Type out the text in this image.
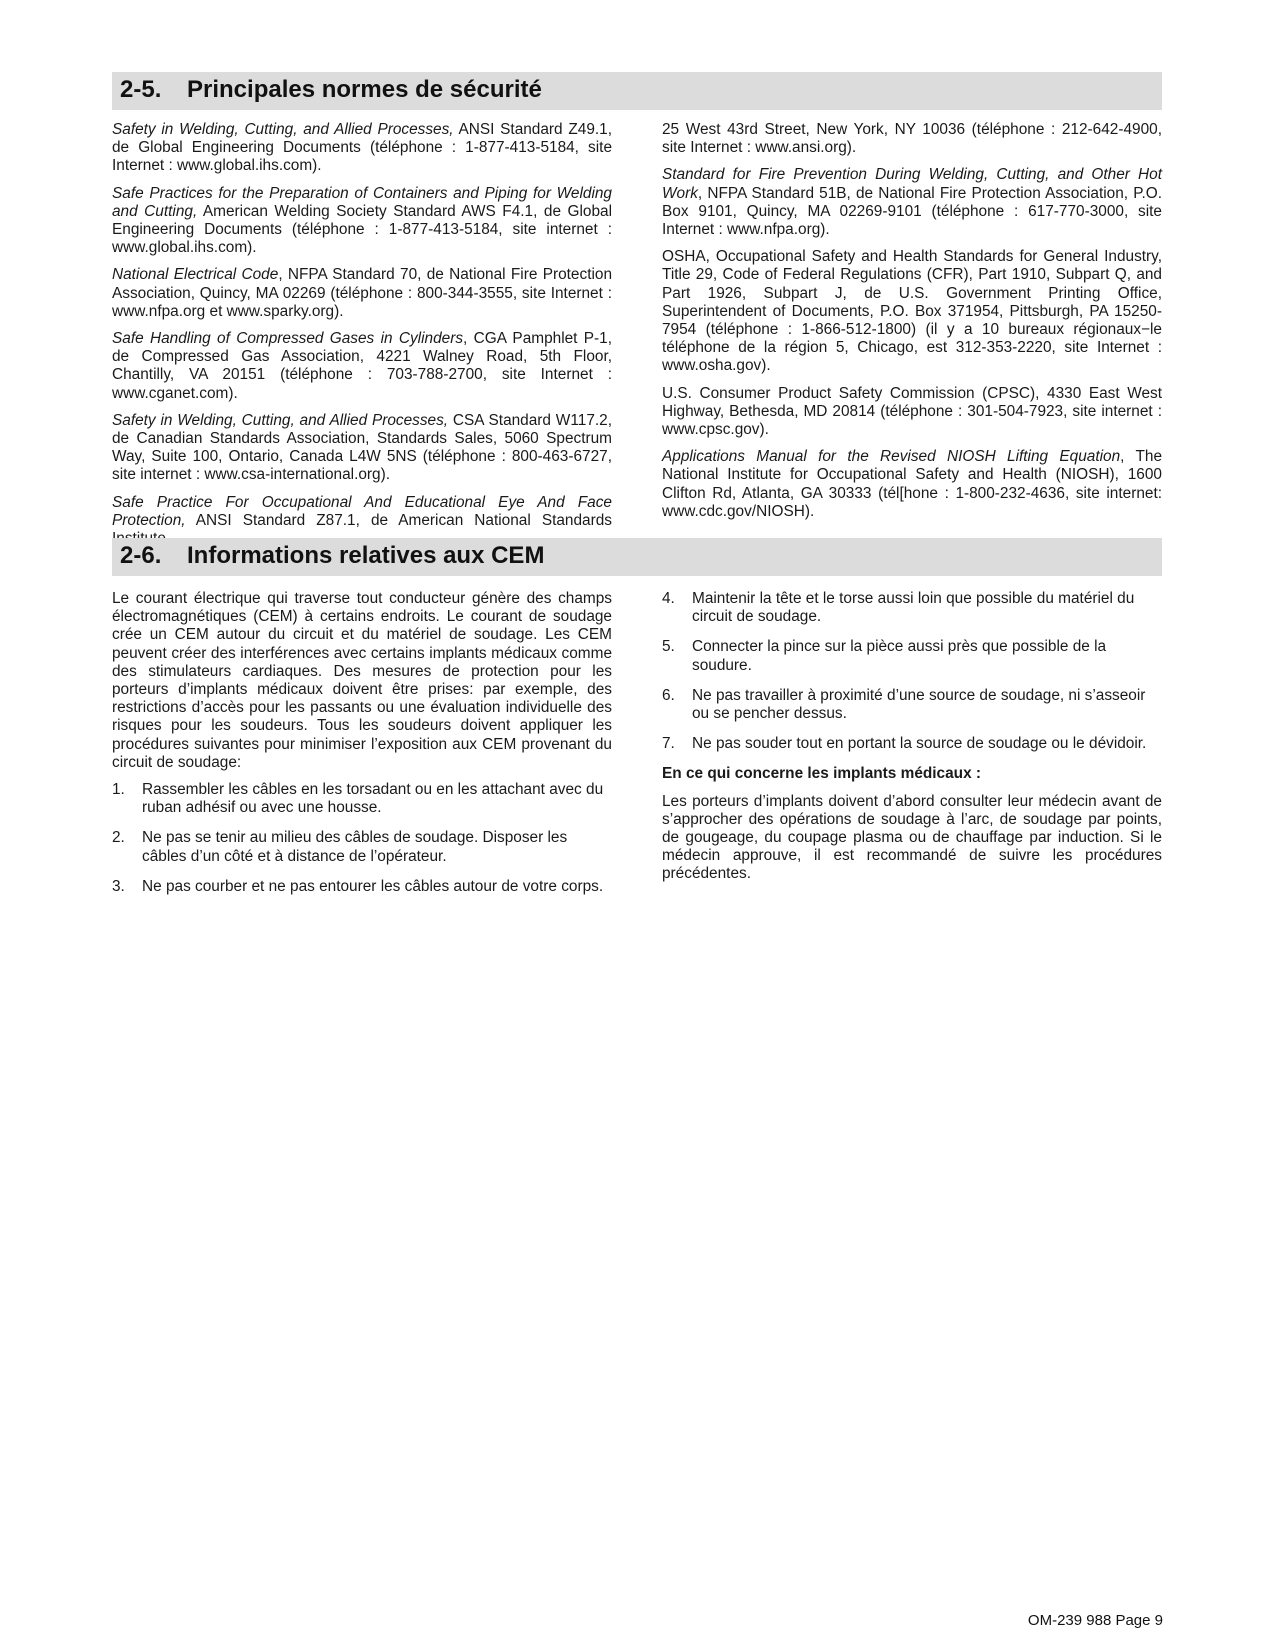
2-5. Principales normes de sécurité

Safety in Welding, Cutting, and Allied Processes, ANSI Standard Z49.1, de Global Engineering Documents (téléphone : 1-877-413-5184, site Internet : www.global.ihs.com).

Safe Practices for the Preparation of Containers and Piping for Welding and Cutting, American Welding Society Standard AWS F4.1, de Global Engineering Documents (téléphone : 1-877-413-5184, site internet : www.global.ihs.com).

National Electrical Code, NFPA Standard 70, de National Fire Protection Association, Quincy, MA 02269 (téléphone : 800-344-3555, site Internet : www.nfpa.org et www.sparky.org).

Safe Handling of Compressed Gases in Cylinders, CGA Pamphlet P-1, de Compressed Gas Association, 4221 Walney Road, 5th Floor, Chantilly, VA 20151 (téléphone : 703-788-2700, site Internet : www.cganet.com).

Safety in Welding, Cutting, and Allied Processes, CSA Standard W117.2, de Canadian Standards Association, Standards Sales, 5060 Spectrum Way, Suite 100, Ontario, Canada L4W 5NS (téléphone : 800-463-6727, site internet : www.csa-international.org).

Safe Practice For Occupational And Educational Eye And Face Protection, ANSI Standard Z87.1, de American National Standards

25 West 43rd Street, New York, NY 10036 (téléphone : 212-642-4900, site Internet : www.ansi.org).

Standard for Fire Prevention During Welding, Cutting, and Other Hot Work, NFPA Standard 51B, de National Fire Protection Association, P.O. Box 9101, Quincy, MA 02269-9101 (téléphone : 617-770-3000, site Internet : www.nfpa.org).

OSHA, Occupational Safety and Health Standards for General Industry, Title 29, Code of Federal Regulations (CFR), Part 1910, Subpart Q, and Part 1926, Subpart J, de U.S. Government Printing Office, Superintendent of Documents, P.O. Box 371954, Pittsburgh, PA 15250-7954 (téléphone : 1-866-512-1800) (il y a 10 bureaux régionaux−le téléphone de la région 5, Chicago, est 312-353-2220, site Internet : www.osha.gov).

U.S. Consumer Product Safety Commission (CPSC), 4330 East West Highway, Bethesda, MD 20814 (téléphone : 301-504-7923, site internet : www.cpsc.gov).

Applications Manual for the Revised NIOSH Lifting Equation, The National Institute for Occupational Safety and Health (NIOSH), 1600 Clifton Rd, Atlanta, GA 30333 (tél[hone : 1-800-232-4636, site internet: www.cdc.gov/NIOSH).

2-6. Informations relatives aux CEM

Le courant électrique qui traverse tout conducteur génère des champs électromagnétiques (CEM) à certains endroits. Le courant de soudage crée un CEM autour du circuit et du matériel de soudage. Les CEM peuvent créer des interférences avec certains implants médicaux comme des stimulateurs cardiaques. Des mesures de protection pour les porteurs d’implants médicaux doivent être prises: par exemple, des restrictions d’accès pour les passants ou une évaluation individuelle des risques pour les soudeurs. Tous les soudeurs doivent appliquer les procédures suivantes pour minimiser l’exposition aux CEM provenant du circuit de soudage:

1. Rassembler les câbles en les torsadant ou en les attachant avec du ruban adhésif ou avec une housse.
2. Ne pas se tenir au milieu des câbles de soudage. Disposer les câbles d’un côté et à distance de l’opérateur.
3. Ne pas courber et ne pas entourer les câbles autour de votre corps.
4. Maintenir la tête et le torse aussi loin que possible du matériel du circuit de soudage.
5. Connecter la pince sur la pièce aussi près que possible de la soudure.
6. Ne pas travailler à proximité d’une source de soudage, ni s’asseoir ou se pencher dessus.
7. Ne pas souder tout en portant la source de soudage ou le dévidoir.

En ce qui concerne les implants médicaux :

Les porteurs d’implants doivent d’abord consulter leur médecin avant de s’approcher des opérations de soudage à l’arc, de soudage par points, de gougeage, du coupage plasma ou de chauffage par induction. Si le médecin approuve, il est recommandé de suivre les procédures précédentes.

OM-239 988 Page 9
